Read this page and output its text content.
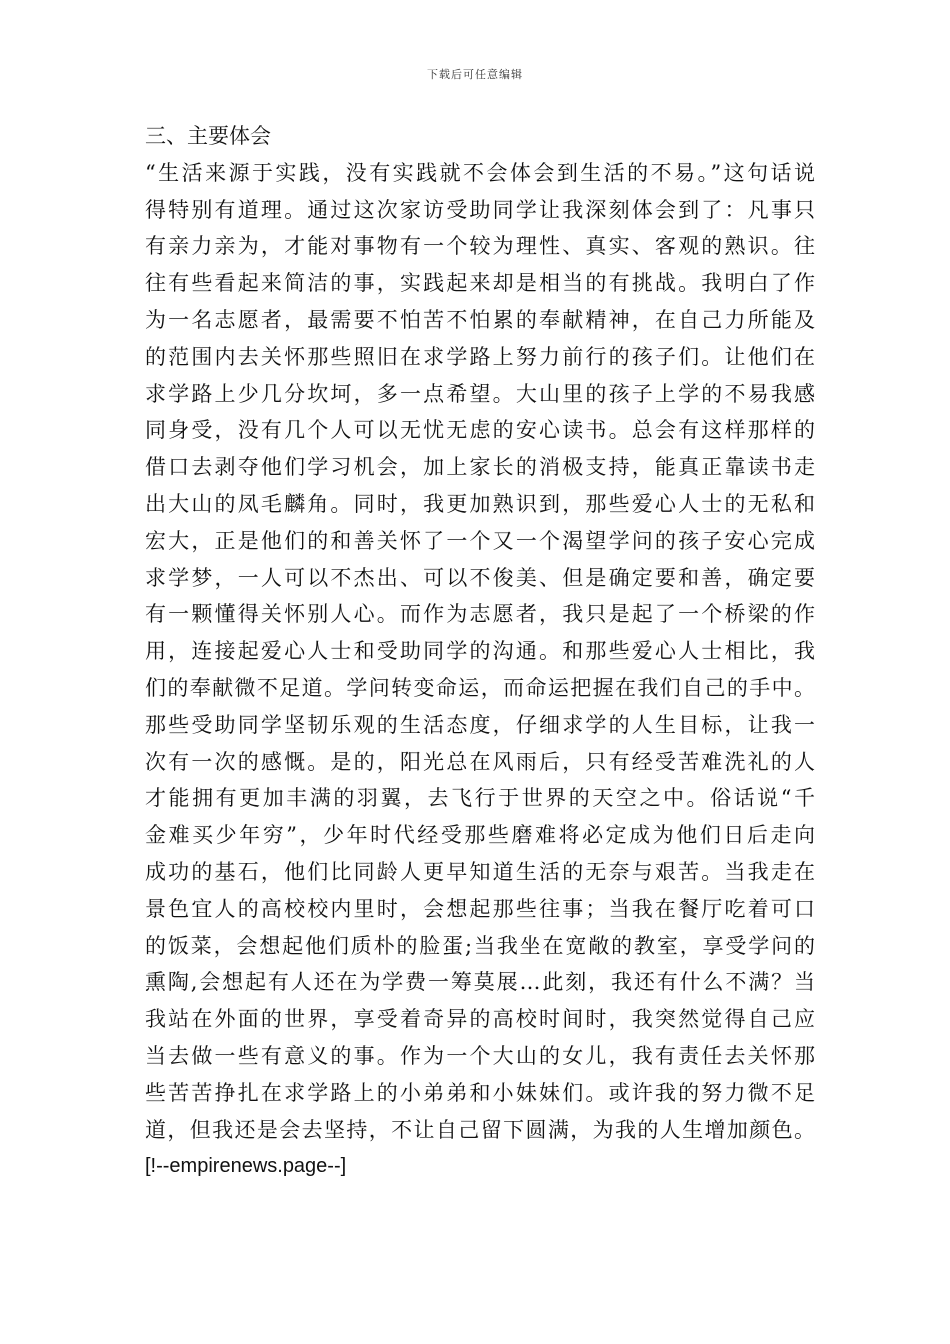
下载后可任意编辑
三、主要体会
“生活来源于实践，没有实践就不会体会到生活的不易。”这句话说
得特别有道理。通过这次家访受助同学让我深刻体会到了：凡事只
有亲力亲为，才能对事物有一个较为理性、真实、客观的熟识。往
往有些看起来简洁的事，实践起来却是相当的有挑战。我明白了作
为一名志愿者，最需要不怕苦不怕累的奉献精神，在自己力所能及
的范围内去关怀那些照旧在求学路上努力前行的孩子们。让他们在
求学路上少几分坎坷，多一点希望。大山里的孩子上学的不易我感
同身受，没有几个人可以无忧无虑的安心读书。总会有这样那样的
借口去剥夺他们学习机会，加上家长的消极支持，能真正靠读书走
出大山的凤毛麟角。同时，我更加熟识到，那些爱心人士的无私和
宏大，正是他们的和善关怀了一个又一个渴望学问的孩子安心完成
求学梦，一人可以不杰出、可以不俊美、但是确定要和善，确定要
有一颗懂得关怀别人心。而作为志愿者，我只是起了一个桥梁的作
用，连接起爱心人士和受助同学的沟通。和那些爱心人士相比，我
们的奉献微不足道。学问转变命运，而命运把握在我们自己的手中。
那些受助同学坚韧乐观的生活态度，仔细求学的人生目标，让我一
次有一次的感慨。是的，阳光总在风雨后，只有经受苦难洗礼的人
才能拥有更加丰满的羽翼，去飞行于世界的天空之中。俗话说“千
金难买少年穷”，少年时代经受那些磨难将必定成为他们日后走向
成功的基石，他们比同龄人更早知道生活的无奈与艰苦。当我走在
景色宜人的高校校内里时，会想起那些往事；当我在餐厅吃着可口
的饭菜，会想起他们质朴的脸蛋;当我坐在宽敞的教室，享受学问的
熏陶,会想起有人还在为学费一筹莫展…此刻，我还有什么不满？当
我站在外面的世界，享受着奇异的高校时间时，我突然觉得自己应
当去做一些有意义的事。作为一个大山的女儿，我有责任去关怀那
些苦苦挣扎在求学路上的小弟弟和小妹妹们。或许我的努力微不足
道，但我还是会去坚持，不让自己留下圆满，为我的人生增加颜色。
[!--empirenews.page--]
